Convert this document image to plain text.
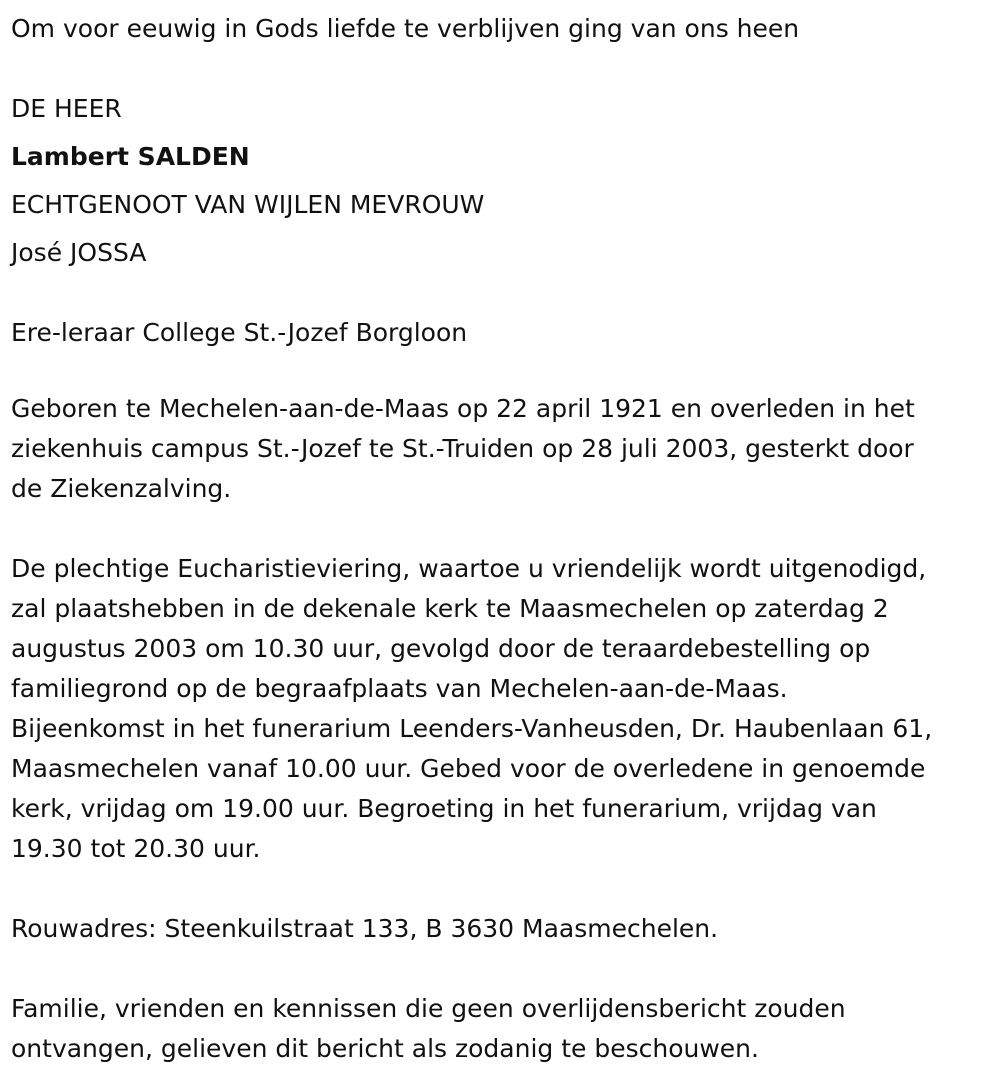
Om voor eeuwig in Gods liefde te verblijven ging van ons heen
DE HEER
Lambert SALDEN
ECHTGENOOT VAN WIJLEN MEVROUW
José JOSSA
Ere-leraar College St.-Jozef Borgloon
Geboren te Mechelen-aan-de-Maas op 22 april 1921 en overleden in het
ziekenhuis campus St.-Jozef te St.-Truiden op 28 juli 2003, gesterkt door
de Ziekenzalving.
De plechtige Eucharistieviering, waartoe u vriendelijk wordt uitgenodigd,
zal plaatshebben in de dekenale kerk te Maasmechelen op zaterdag 2
augustus 2003 om 10.30 uur, gevolgd door de teraardebestelling op
familiegrond op de begraafplaats van Mechelen-aan-de-Maas.
Bijeenkomst in het funerarium Leenders-Vanheusden, Dr. Haubenlaan 61,
Maasmechelen vanaf 10.00 uur. Gebed voor de overledene in genoemde
kerk, vrijdag om 19.00 uur. Begroeting in het funerarium, vrijdag van
19.30 tot 20.30 uur.
Rouwadres: Steenkuilstraat 133, B 3630 Maasmechelen.
Familie, vrienden en kennissen die geen overlijdensbericht zouden
ontvangen, gelieven dit bericht als zodanig te beschouwen.
